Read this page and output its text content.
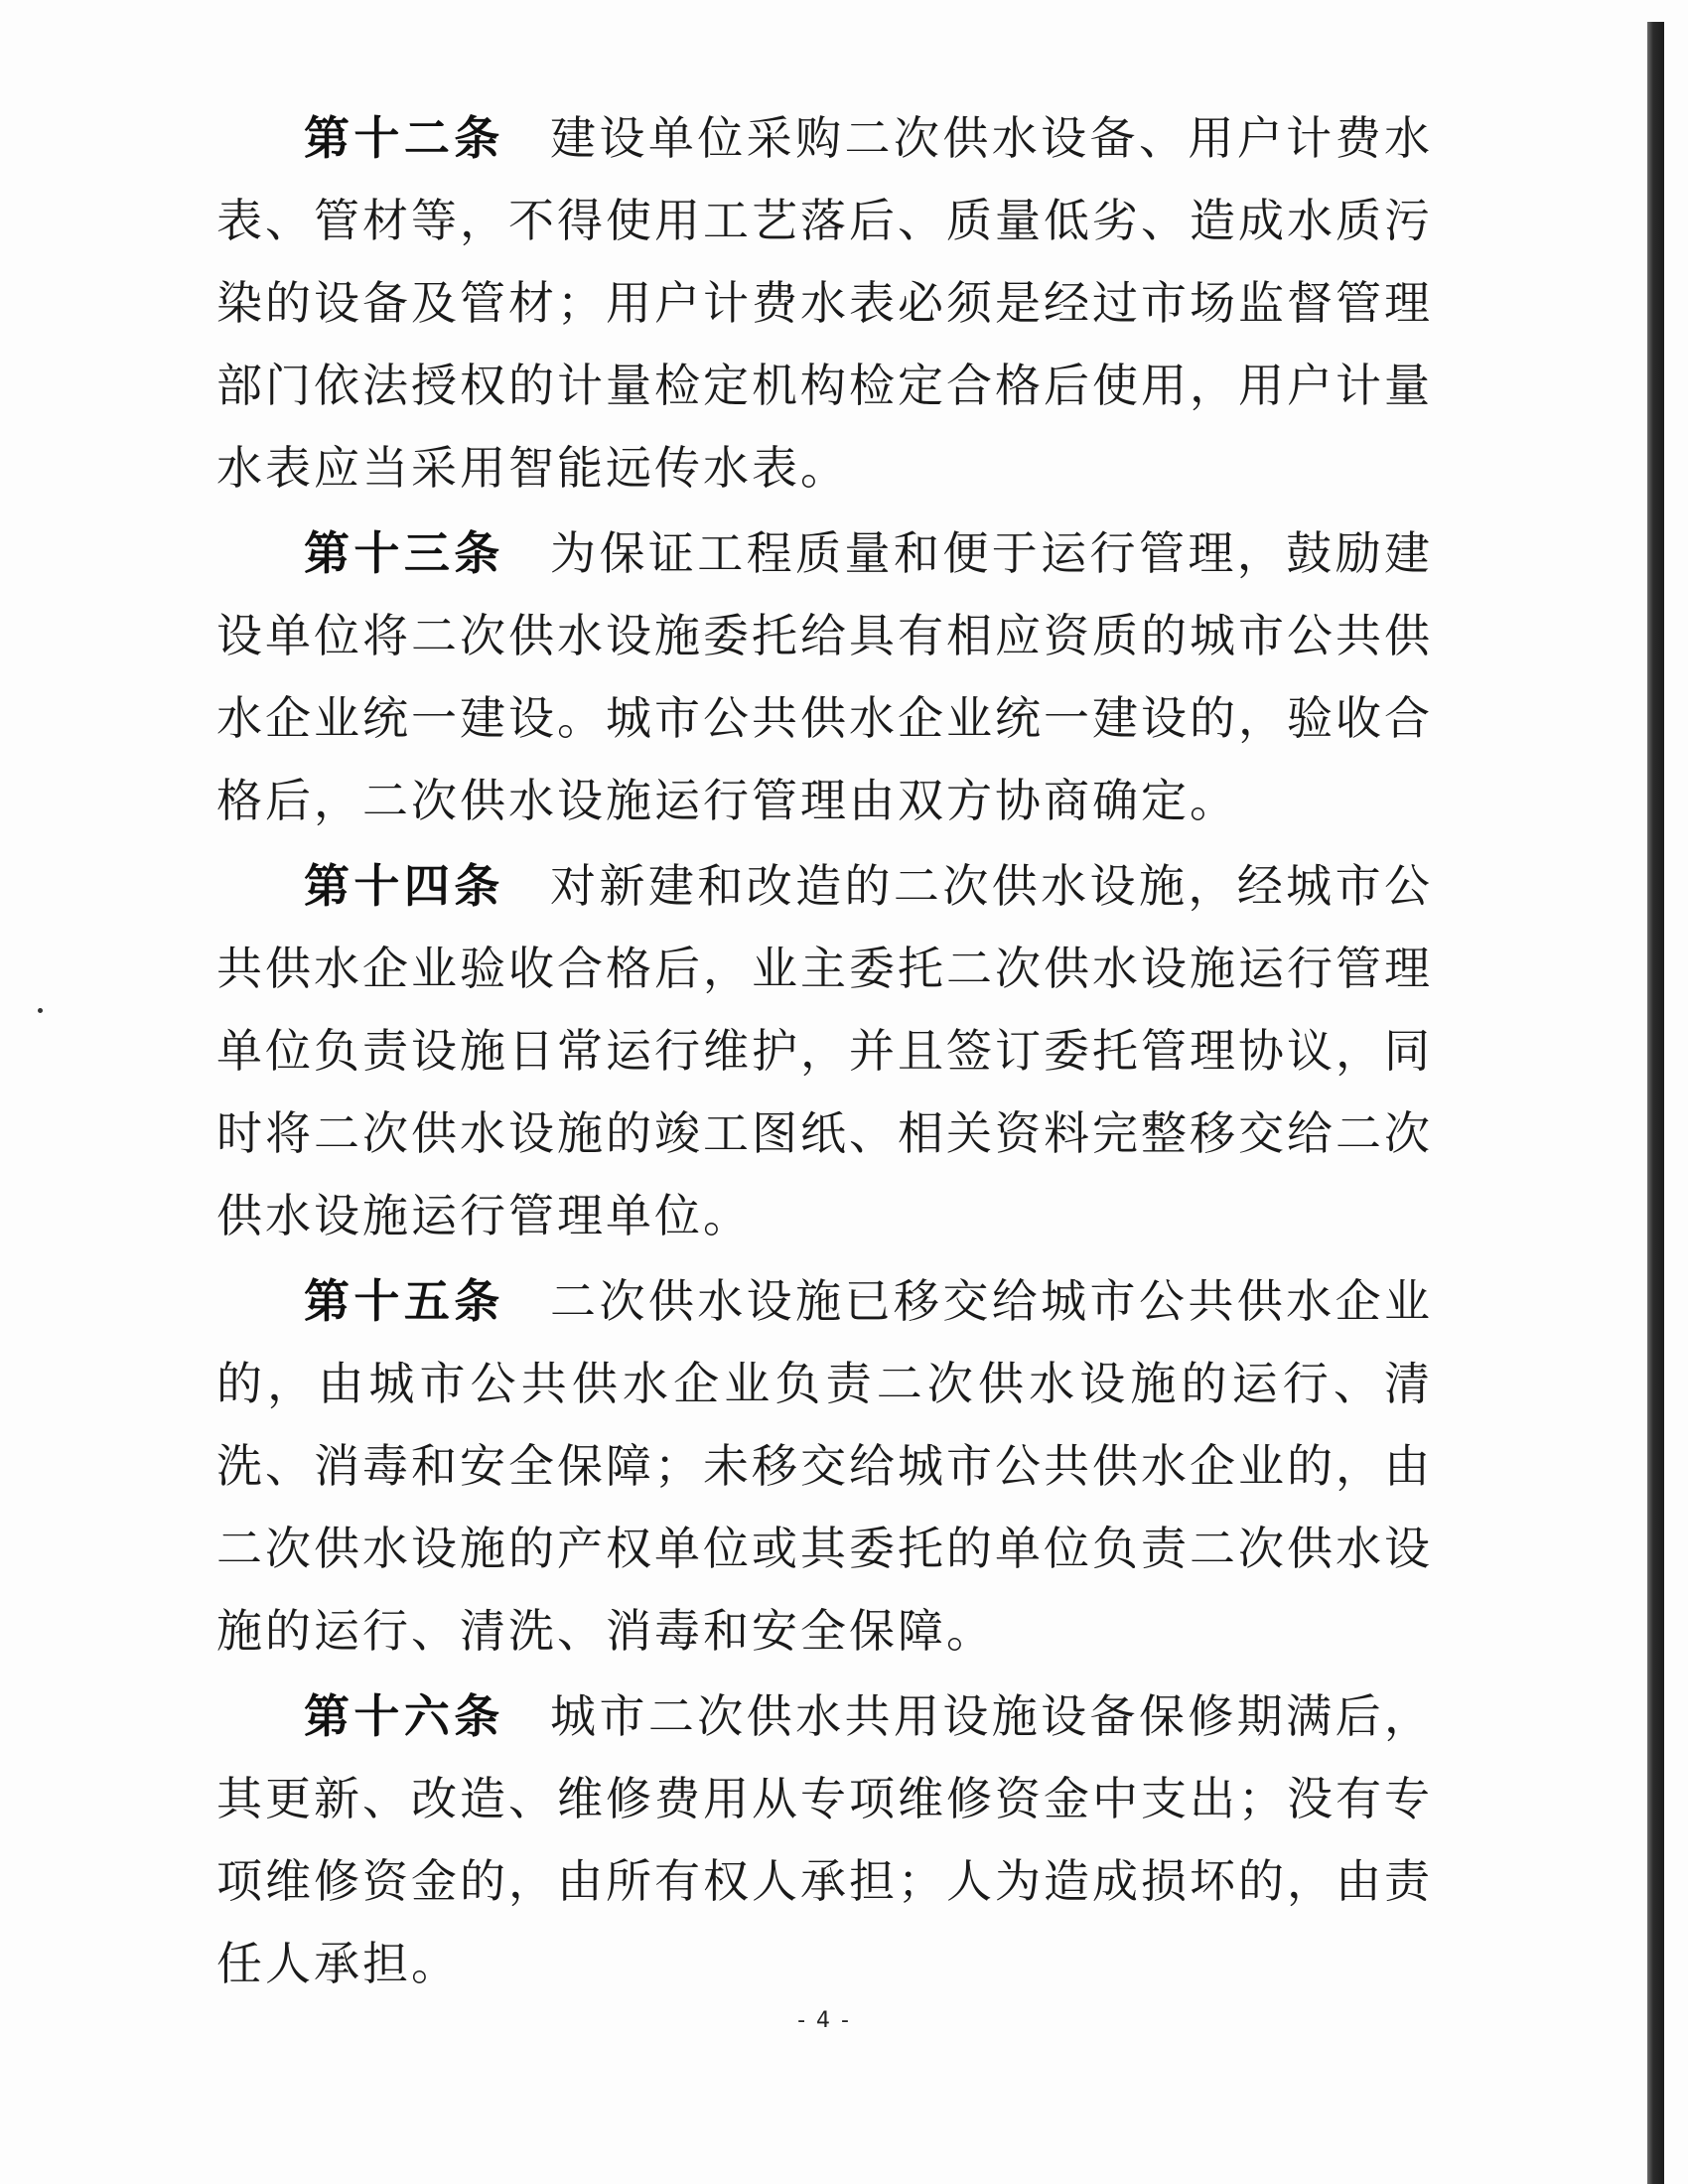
第十二条 建设单位采购二次供水设备、用户计费水表、管材等，不得使用工艺落后、质量低劣、造成水质污染的设备及管材；用户计费水表必须是经过市场监督管理部门依法授权的计量检定机构检定合格后使用，用户计量水表应当采用智能远传水表。

第十三条 为保证工程质量和便于运行管理，鼓励建设单位将二次供水设施委托给具有相应资质的城市公共供水企业统一建设。城市公共供水企业统一建设的，验收合格后，二次供水设施运行管理由双方协商确定。

第十四条 对新建和改造的二次供水设施，经城市公共供水企业验收合格后，业主委托二次供水设施运行管理单位负责设施日常运行维护，并且签订委托管理协议，同时将二次供水设施的竣工图纸、相关资料完整移交给二次供水设施运行管理单位。

第十五条 二次供水设施已移交给城市公共供水企业的，由城市公共供水企业负责二次供水设施的运行、清洗、消毒和安全保障；未移交给城市公共供水企业的，由二次供水设施的产权单位或其委托的单位负责二次供水设施的运行、清洗、消毒和安全保障。

第十六条 城市二次供水共用设施设备保修期满后，其更新、改造、维修费用从专项维修资金中支出；没有专项维修资金的，由所有权人承担；人为造成损坏的，由责任人承担。

- 4 -
